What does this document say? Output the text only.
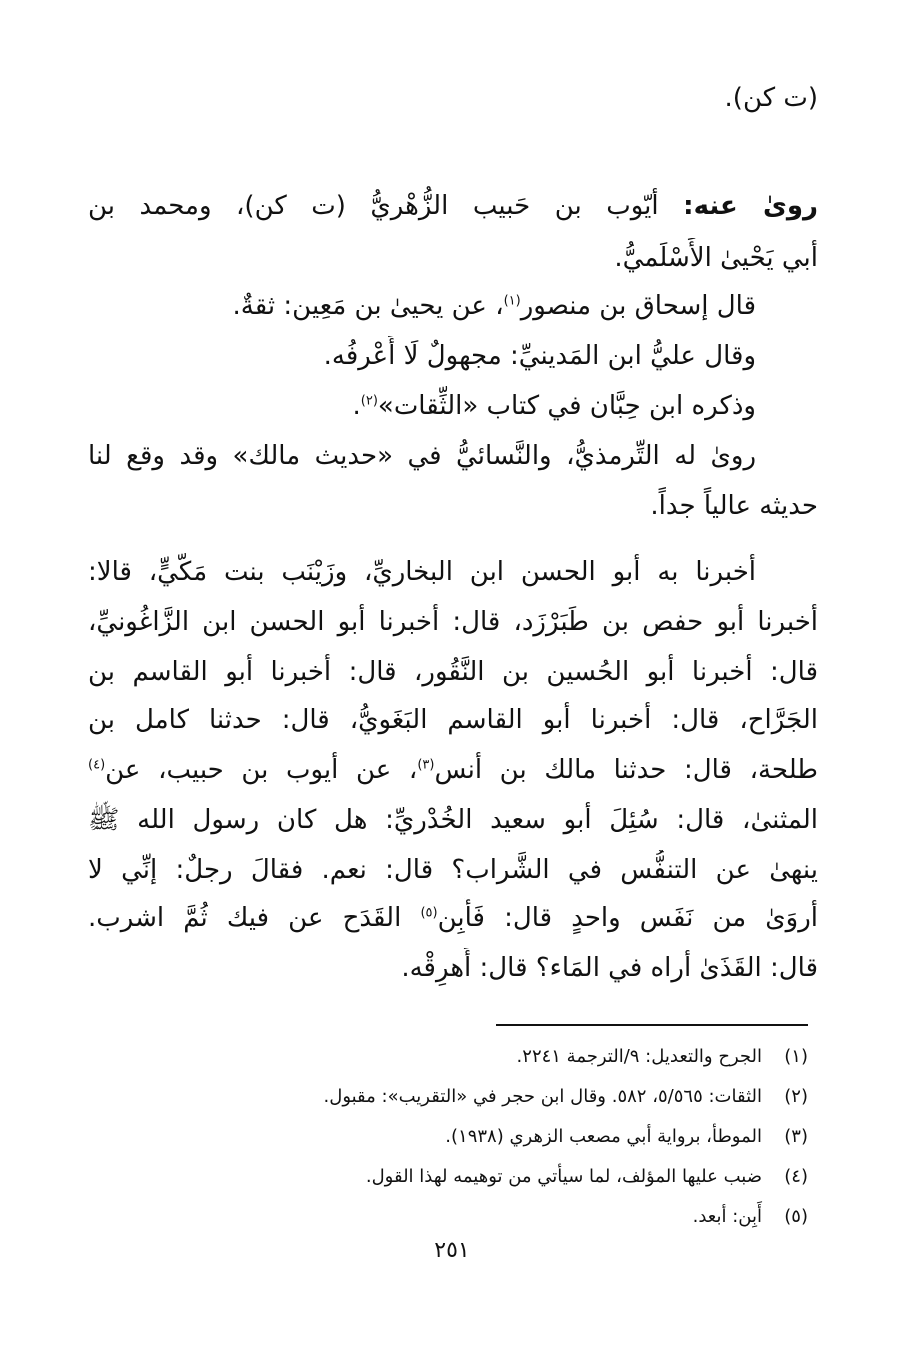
(ت كن).
روىٰ عنه: أيّوب بن حَبيب الزُّهْريُّ (ت كن)، ومحمد بن
أبي يَحْيىٰ الأَسْلَميُّ.
قال إسحاق بن منصور$^{(١)}$، عن يحيىٰ بن مَعِين: ثقةٌ.
وقال عليُّ ابن المَدينيِّ: مجهولٌ لَا أَعْرفُه.
وذكره ابن حِبَّان في كتاب «الثِّقات»$^{(٢)}$.
روىٰ له التِّرمذيُّ، والنَّسائيُّ في «حديث مالك» وقد وقع لنا
حديثه عالياً جداً.
أخبرنا به أبو الحسن ابن البخاريِّ، وزَيْنَب بنت مَكّيٍّ، قالا:
أخبرنا أبو حفص بن طَبَرْزَد، قال: أخبرنا أبو الحسن ابن الزَّاغُونيِّ،
قال: أخبرنا أبو الحُسين بن النَّقُور، قال: أخبرنا أبو القاسم بن
الجَرَّاح، قال: أخبرنا أبو القاسم البَغَويُّ، قال: حدثنا كامل بن
طلحة، قال: حدثنا مالك بن أنس$^{(٣)}$، عن أيوب بن حبيب، عن$^{(٤)}$
المثنىٰ، قال: سُئِلَ أبو سعيد الخُدْريِّ: هل كان رسول الله ﷺ
ينهىٰ عن التنفُّس في الشَّراب؟ قال: نعم. فقالَ رجلٌ: إنِّي لا
أروَىٰ من نَفَس واحدٍ قال: فَأَبِن$^{(٥)}$ القَدَح عن فيك ثُمَّ اشرب.
قال: القَذَىٰ أراه في المَاء؟ قال: أَهرِقْه.
(١)الجرح والتعديل: ٩/الترجمة ٢٢٤١.
(٢)الثقات: ٥/٥٦٥، ٥٨٢. وقال ابن حجر في «التقريب»: مقبول.
(٣)الموطأ، برواية أبي مصعب الزهري (١٩٣٨).
(٤)ضبب عليها المؤلف، لما سيأتي من توهيمه لهذا القول.
(٥)أَبِن: أبعد.
٢٥١
